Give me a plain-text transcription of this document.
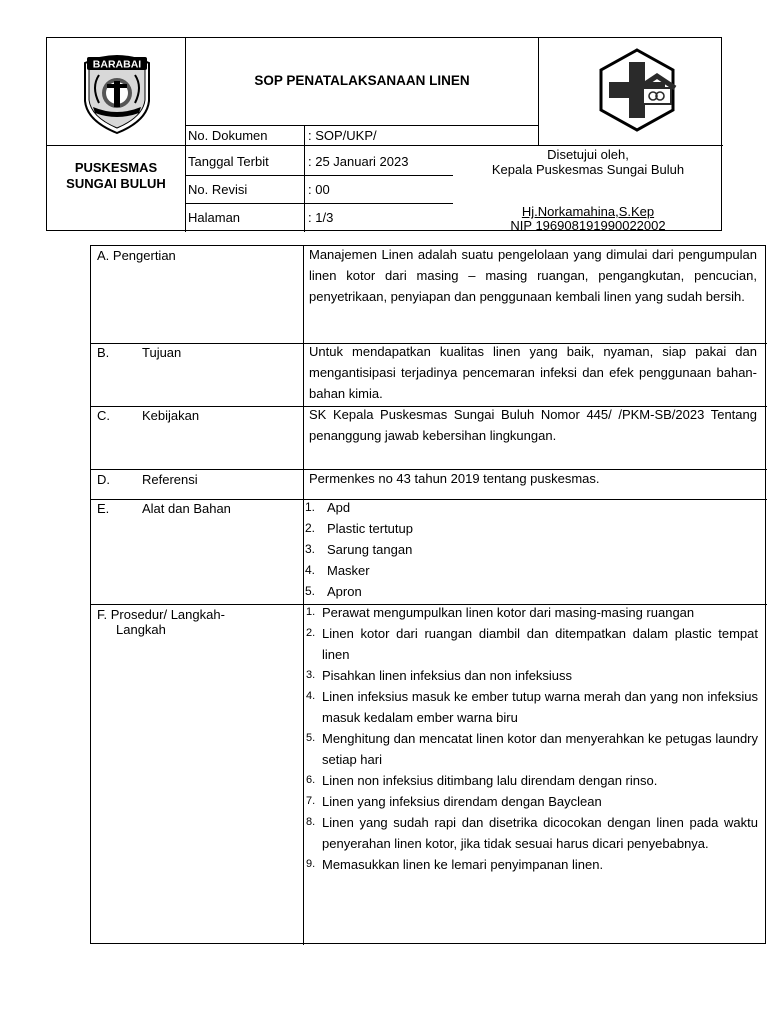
BARABAI
SOP PENATALAKSANAAN LINEN
PUSKESMAS
SUNGAI BULUH
No. Dokumen	: SOP/UKP/
Tanggal Terbit	: 25 Januari 2023
No. Revisi	: 00
Halaman	: 1/3
Disetujui oleh,
Kepala Puskesmas Sungai Buluh
Hj.Norkamahina,S.Kep
NIP 196908191990022002
A. Pengertian	Manajemen Linen adalah suatu pengelolaan yang dimulai dari pengumpulan linen kotor dari masing – masing ruangan, pengangkutan, pencucian, penyetrikaan, penyiapan dan penggunaan kembali linen yang sudah bersih.
B.	Tujuan	Untuk mendapatkan kualitas linen yang baik, nyaman, siap pakai dan mengantisipasi terjadinya pencemaran infeksi dan efek penggunaan bahan-bahan kimia.
C. Kebijakan	SK Kepala Puskesmas Sungai Buluh Nomor 445/ /PKM-SB/2023 Tentang penanggung jawab kebersihan lingkungan.
D. Referensi	Permenkes no 43 tahun 2019 tentang puskesmas.
E.	Alat dan Bahan	1. Apd
2. Plastic tertutup
3. Sarung tangan
4. Masker
5. Apron
F. Prosedur/ Langkah-
Langkah
1. Perawat mengumpulkan linen kotor dari masing-masing ruangan
2. Linen kotor dari ruangan diambil dan ditempatkan dalam plastic tempat linen
3. Pisahkan linen infeksius dan non infeksiuss
4. Linen infeksius masuk ke ember tutup warna merah dan yang non infeksius masuk kedalam ember warna biru
5. Menghitung dan mencatat linen kotor dan menyerahkan ke petugas laundry setiap hari
6. Linen non infeksius ditimbang lalu direndam dengan rinso.
7. Linen yang infeksius direndam dengan Bayclean
8. Linen yang sudah rapi dan disetrika dicocokan dengan linen pada waktu penyerahan linen kotor, jika tidak sesuai harus dicari penyebabnya.
9. Memasukkan linen ke lemari penyimpanan linen.
